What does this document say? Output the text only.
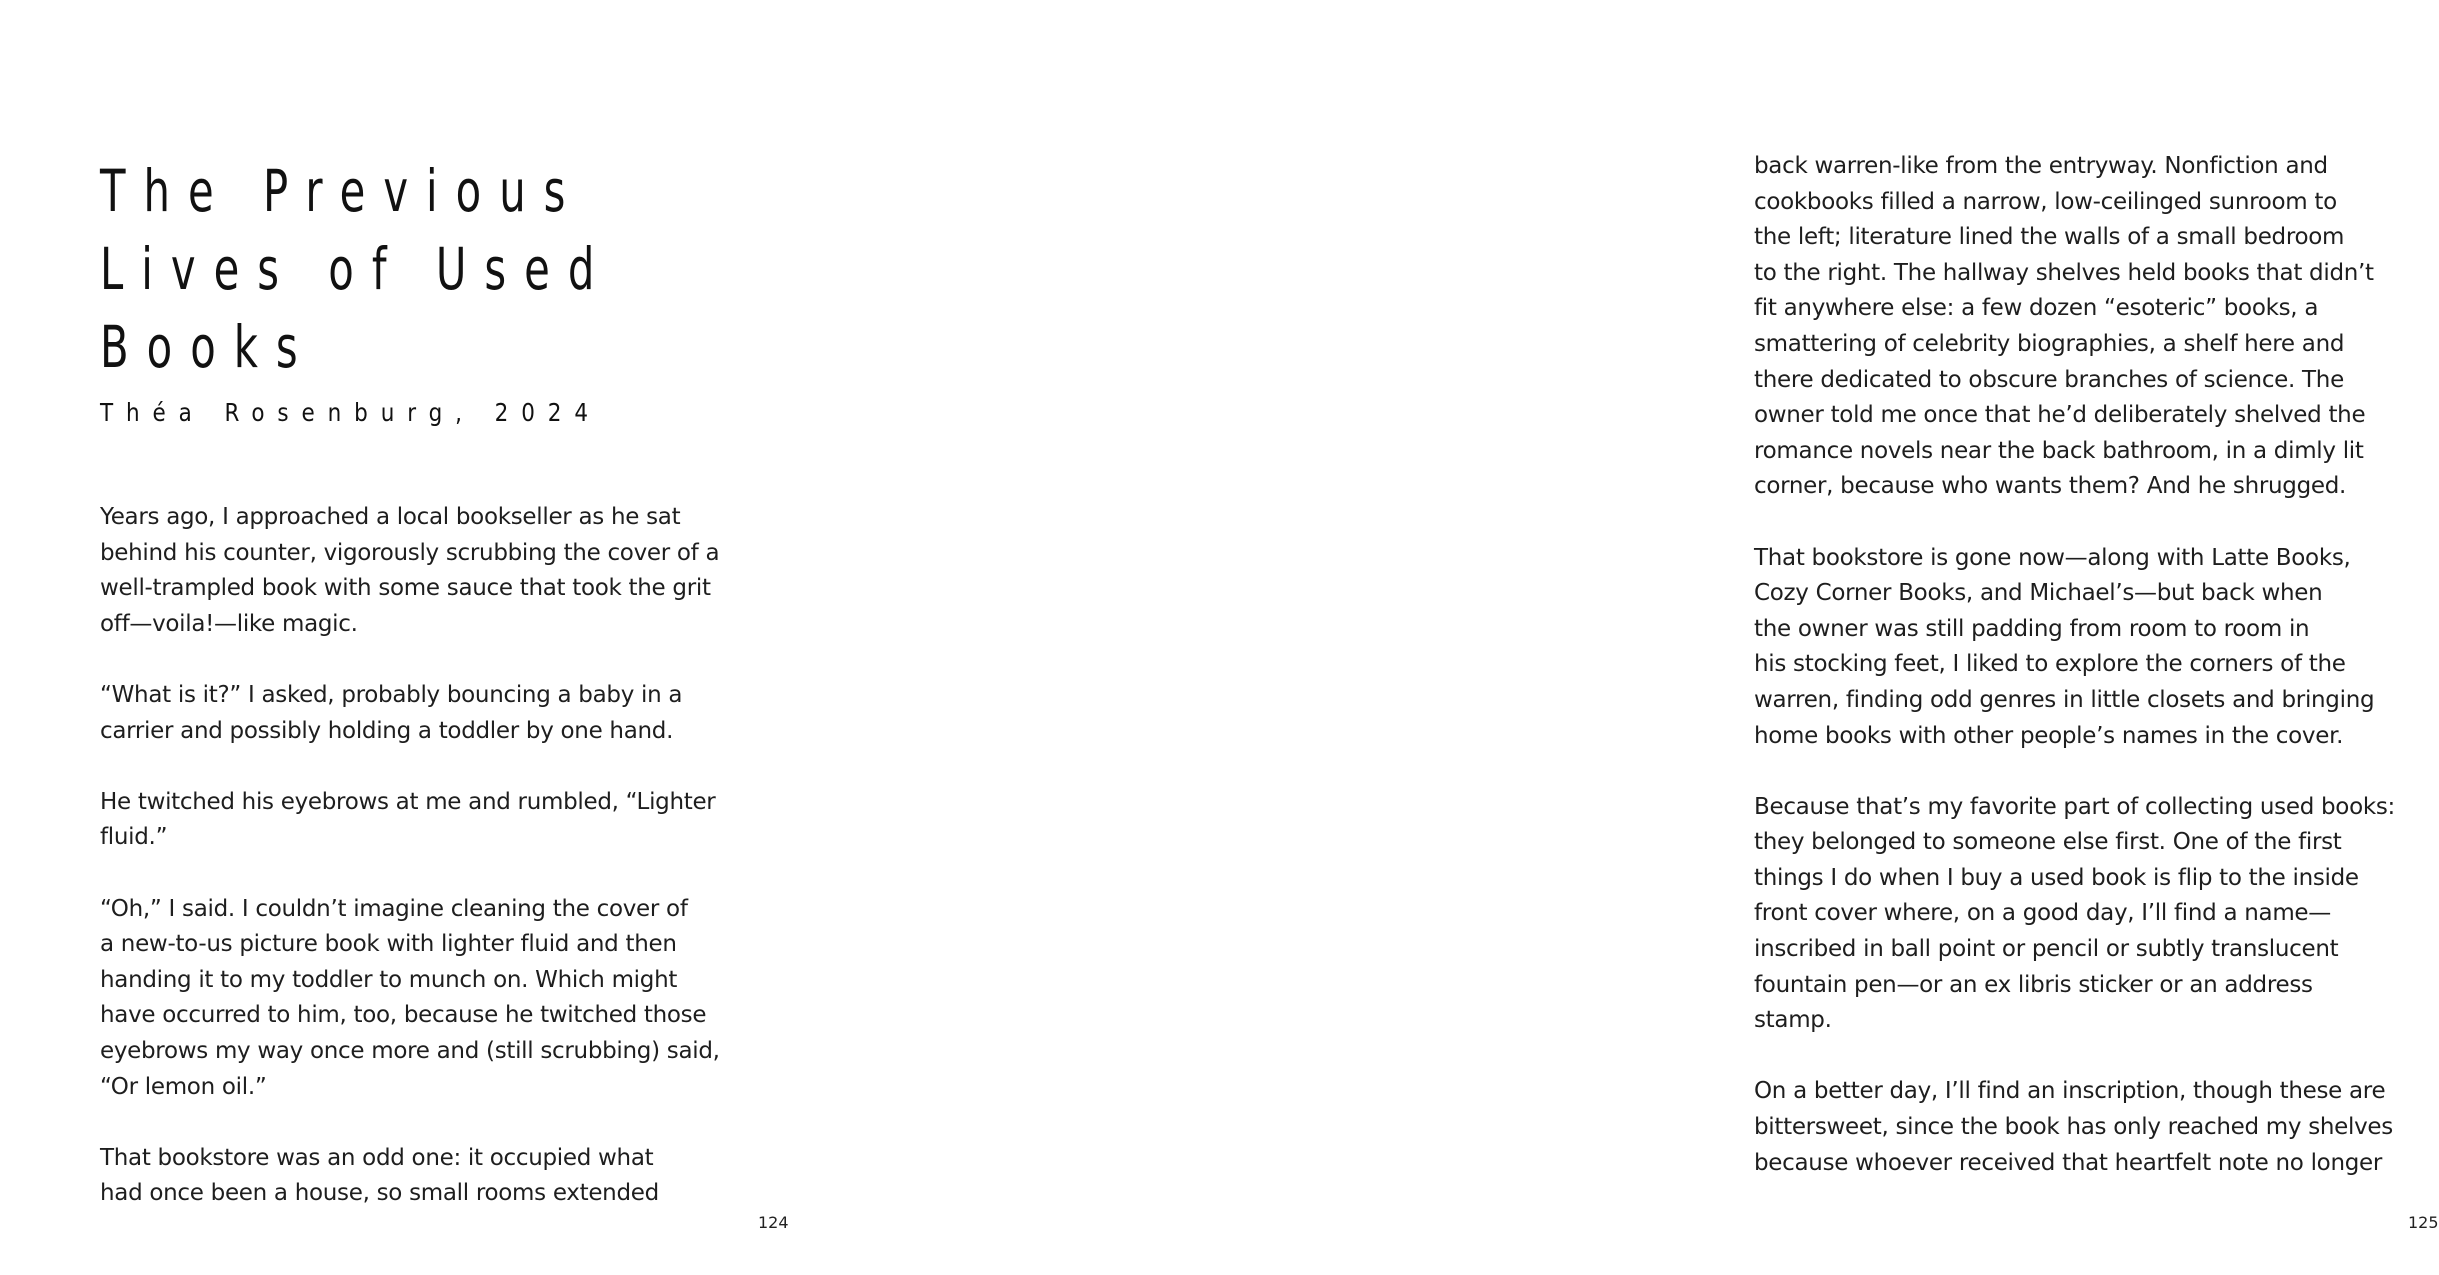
The Previous
Lives of Used
Books
Théa Rosenburg, 2024

Years ago, I approached a local bookseller as he sat
behind his counter, vigorously scrubbing the cover of a
well-trampled book with some sauce that took the grit
off—voila!—like magic.

“What is it?” I asked, probably bouncing a baby in a
carrier and possibly holding a toddler by one hand.

He twitched his eyebrows at me and rumbled, “Lighter
fluid.”

“Oh,” I said. I couldn’t imagine cleaning the cover of
a new-to-us picture book with lighter fluid and then
handing it to my toddler to munch on. Which might
have occurred to him, too, because he twitched those
eyebrows my way once more and (still scrubbing) said,
“Or lemon oil.”

That bookstore was an odd one: it occupied what
had once been a house, so small rooms extended

124

back warren-like from the entryway. Nonfiction and
cookbooks filled a narrow, low-ceilinged sunroom to
the left; literature lined the walls of a small bedroom
to the right. The hallway shelves held books that didn’t
fit anywhere else: a few dozen “esoteric” books, a
smattering of celebrity biographies, a shelf here and
there dedicated to obscure branches of science. The
owner told me once that he’d deliberately shelved the
romance novels near the back bathroom, in a dimly lit
corner, because who wants them? And he shrugged.

That bookstore is gone now—along with Latte Books,
Cozy Corner Books, and Michael’s—but back when
the owner was still padding from room to room in
his stocking feet, I liked to explore the corners of the
warren, finding odd genres in little closets and bringing
home books with other people’s names in the cover.

Because that’s my favorite part of collecting used books:
they belonged to someone else first. One of the first
things I do when I buy a used book is flip to the inside
front cover where, on a good day, I’ll find a name—
inscribed in ball point or pencil or subtly translucent
fountain pen—or an ex libris sticker or an address
stamp.

On a better day, I’ll find an inscription, though these are
bittersweet, since the book has only reached my shelves
because whoever received that heartfelt note no longer

125
